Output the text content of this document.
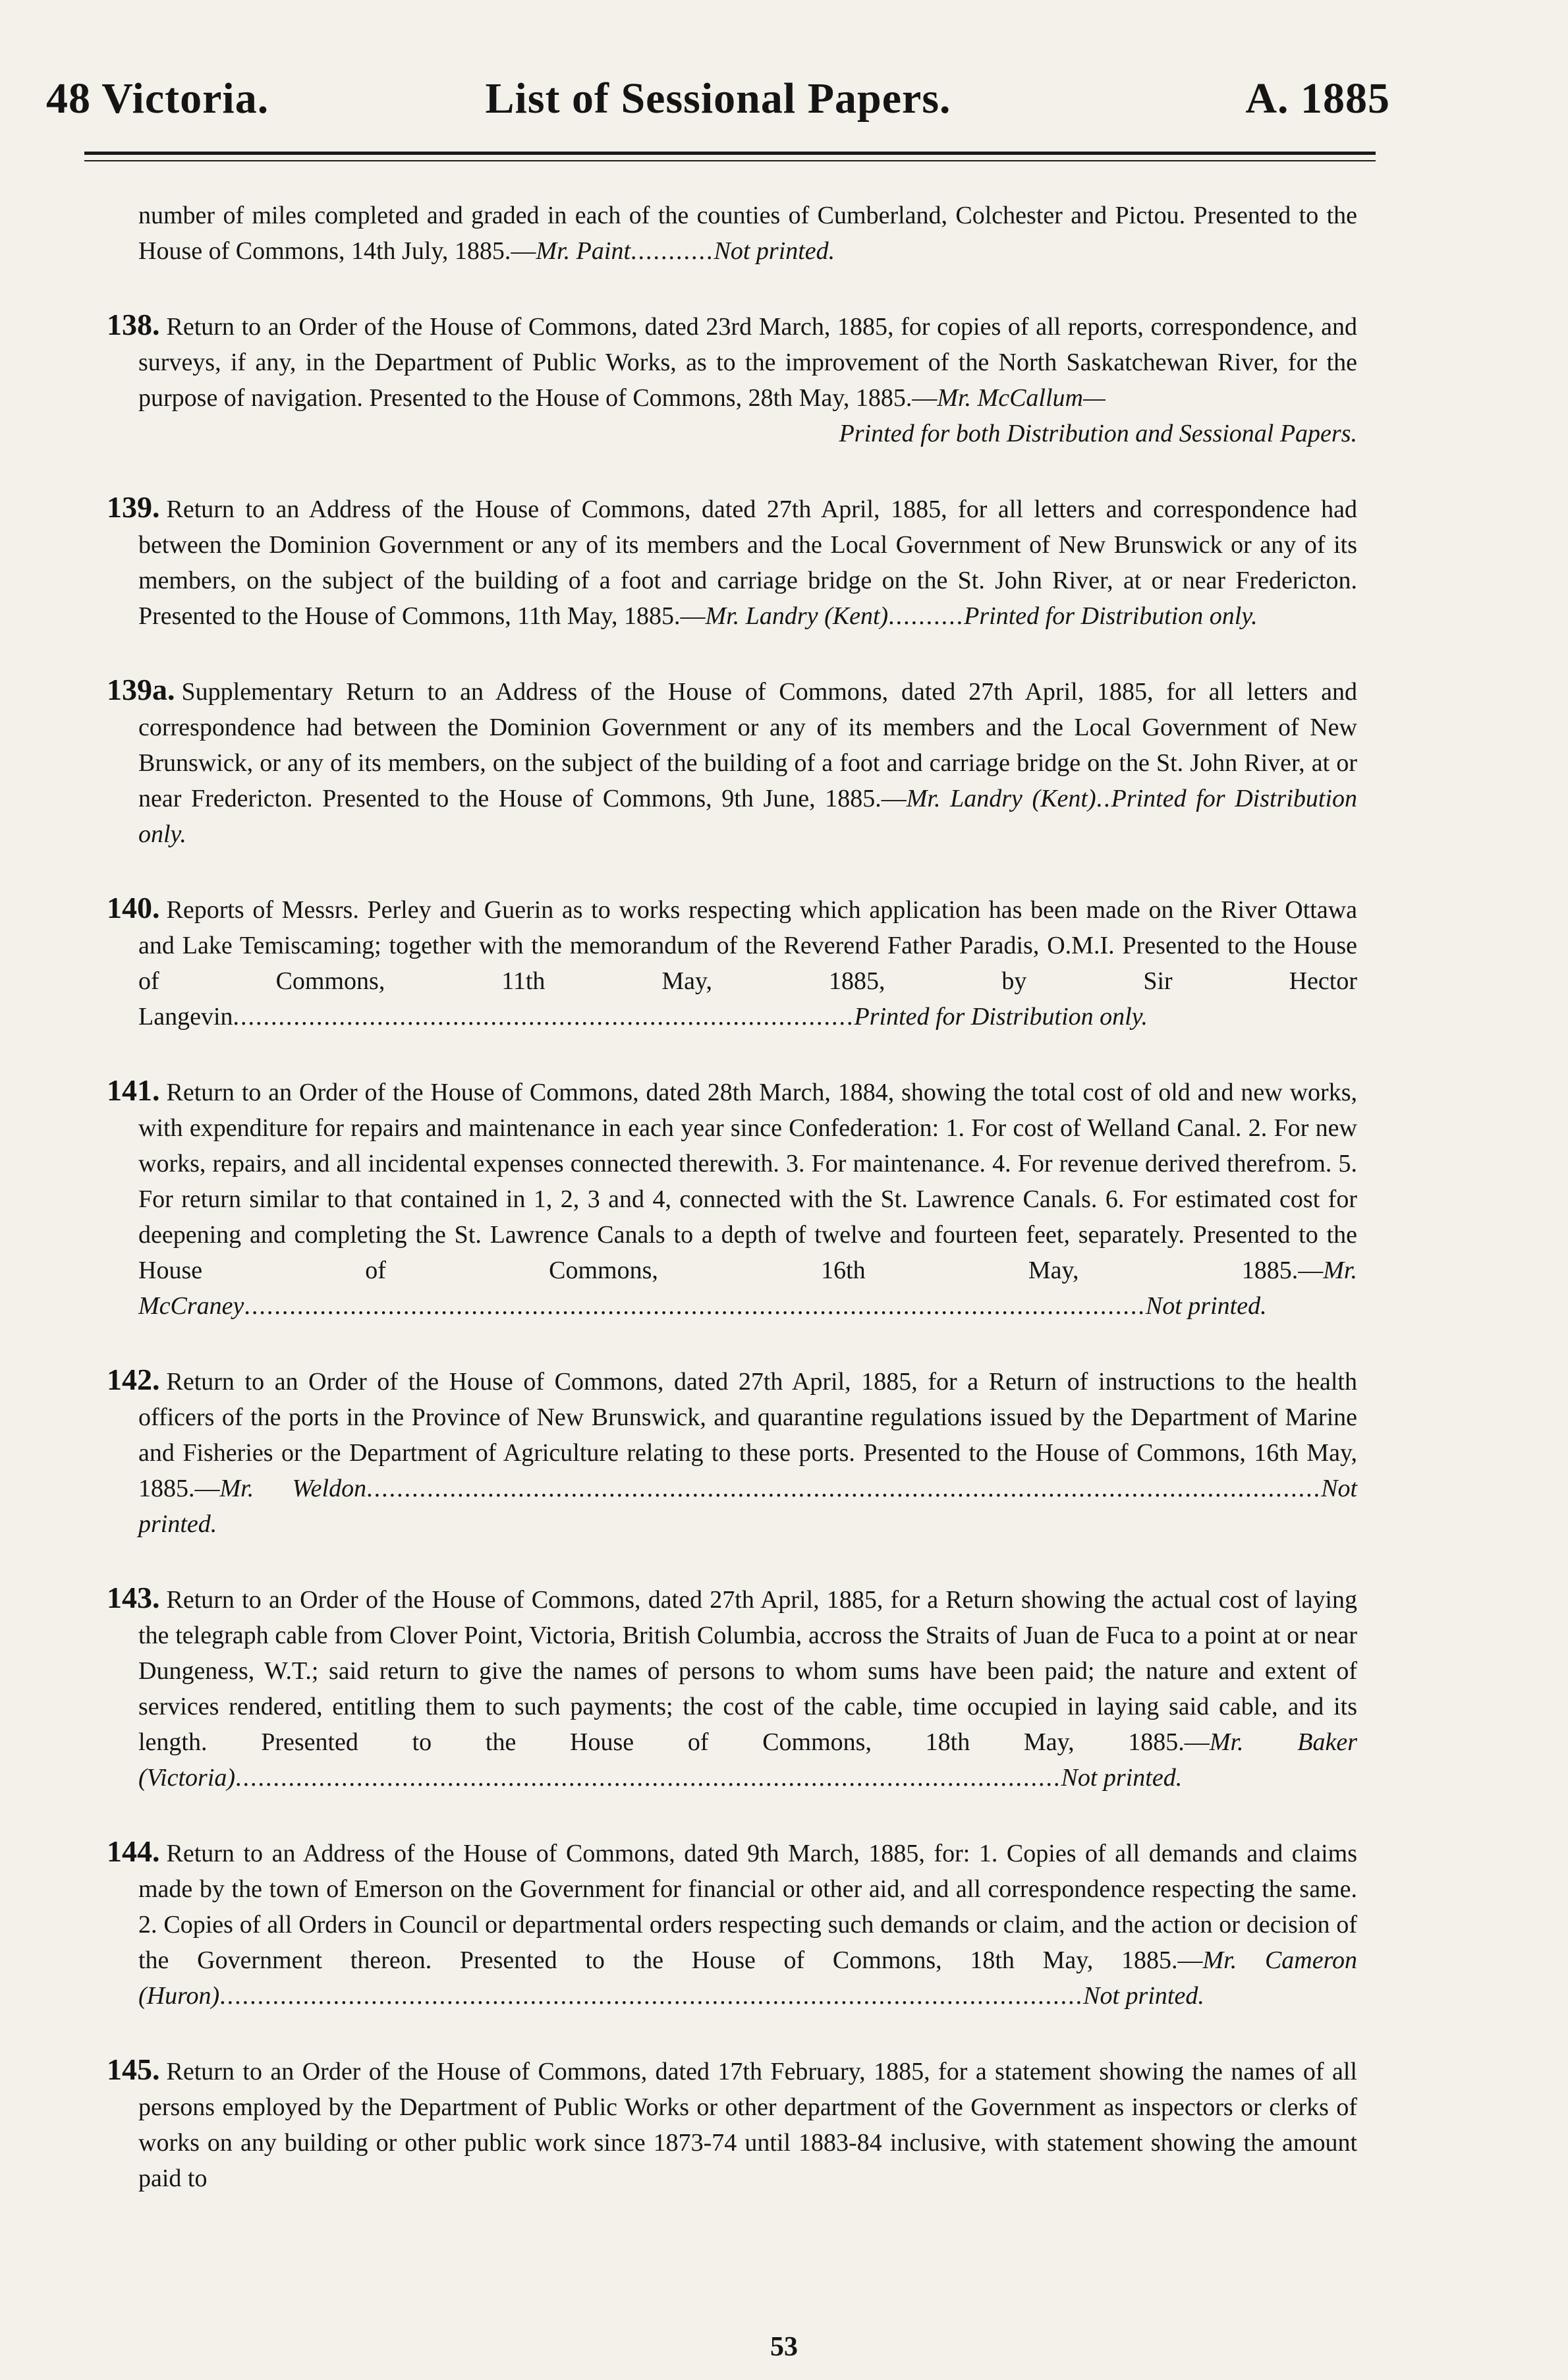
48 Victoria.	List of Sessional Papers.	A. 1885

number of miles completed and graded in each of the counties of Cumberland, Colchester and Pictou. Presented to the House of Commons, 14th July, 1885.—Mr. Paint...........Not printed.

138. Return to an Order of the House of Commons, dated 23rd March, 1885, for copies of all reports, correspondence, and surveys, if any, in the Department of Public Works, as to the improvement of the North Saskatchewan River, for the purpose of navigation. Presented to the House of Commons, 28th May, 1885.—Mr. McCallum—

Printed for both Distribution and Sessional Papers.

139. Return to an Address of the House of Commons, dated 27th April, 1885, for all letters and correspondence had between the Dominion Government or any of its members and the Local Government of New Brunswick or any of its members, on the subject of the building of a foot and carriage bridge on the St. John River, at or near Fredericton. Presented to the House of Commons, 11th May, 1885.—Mr. Landry (Kent)..........Printed for Distribution only.

139a. Supplementary Return to an Address of the House of Commons, dated 27th April, 1885, for all letters and correspondence had between the Dominion Government or any of its members and the Local Government of New Brunswick, or any of its members, on the subject of the building of a foot and carriage bridge on the St. John River, at or near Fredericton. Presented to the House of Commons, 9th June, 1885.—Mr. Landry (Kent)..Printed for Distribution only.

140. Reports of Messrs. Perley and Guerin as to works respecting which application has been made on the River Ottawa and Lake Temiscaming; together with the memorandum of the Reverend Father Paradis, O.M.I. Presented to the House of Commons, 11th May, 1885, by Sir Hector Langevin..................................................................................Printed for Distribution only.

141. Return to an Order of the House of Commons, dated 28th March, 1884, showing the total cost of old and new works, with expenditure for repairs and maintenance in each year since Confederation: 1. For cost of Welland Canal. 2. For new works, repairs, and all incidental expenses connected therewith. 3. For maintenance. 4. For revenue derived therefrom. 5. For return similar to that contained in 1, 2, 3 and 4, connected with the St. Lawrence Canals. 6. For estimated cost for deepening and completing the St. Lawrence Canals to a depth of twelve and fourteen feet, separately. Presented to the House of Commons, 16th May, 1885.—Mr. McCraney.......................................................................................................................Not printed.

142. Return to an Order of the House of Commons, dated 27th April, 1885, for a Return of instructions to the health officers of the ports in the Province of New Brunswick, and quarantine regulations issued by the Department of Marine and Fisheries or the Department of Agriculture relating to these ports. Presented to the House of Commons, 16th May, 1885.—Mr. Weldon..............................................................................................................................Not printed.

143. Return to an Order of the House of Commons, dated 27th April, 1885, for a Return showing the actual cost of laying the telegraph cable from Clover Point, Victoria, British Columbia, accross the Straits of Juan de Fuca to a point at or near Dungeness, W.T.; said return to give the names of persons to whom sums have been paid; the nature and extent of services rendered, entitling them to such payments; the cost of the cable, time occupied in laying said cable, and its length. Presented to the House of Commons, 18th May, 1885.—Mr. Baker (Victoria).............................................................................................................Not printed.

144. Return to an Address of the House of Commons, dated 9th March, 1885, for: 1. Copies of all demands and claims made by the town of Emerson on the Government for financial or other aid, and all correspondence respecting the same. 2. Copies of all Orders in Council or departmental orders respecting such demands or claim, and the action or decision of the Government thereon. Presented to the House of Commons, 18th May, 1885.—Mr. Cameron (Huron)..................................................................................................................Not printed.

145. Return to an Order of the House of Commons, dated 17th February, 1885, for a statement showing the names of all persons employed by the Department of Public Works or other department of the Government as inspectors or clerks of works on any building or other public work since 1873-74 until 1883-84 inclusive, with statement showing the amount paid to

53
